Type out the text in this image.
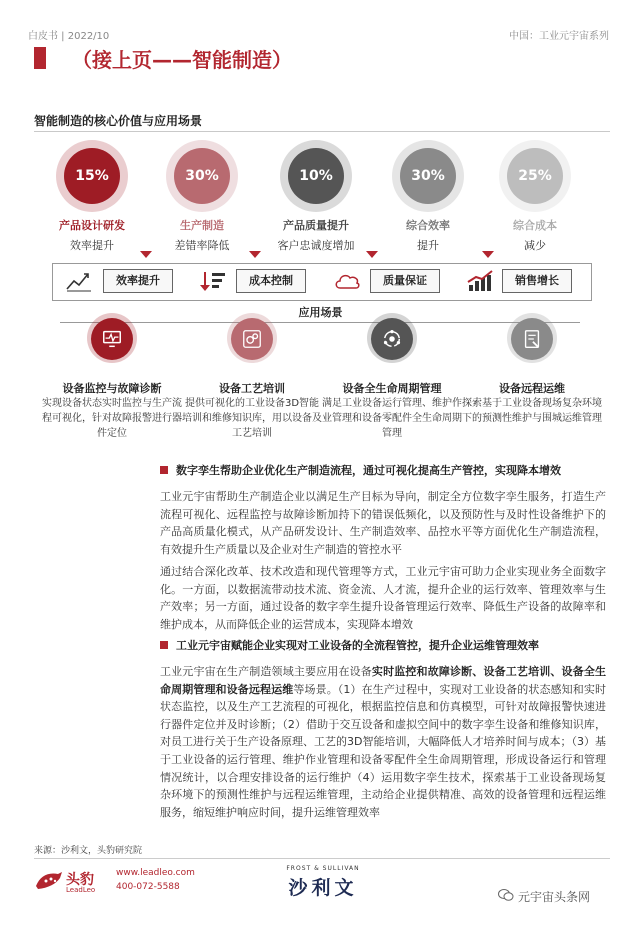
白皮书 | 2022/10	中国：工业元宇宙系列
（接上页——智能制造）
智能制造的核心价值与应用场景
15%
产品设计研发
效率提升
30%
生产制造
差错率降低
10%
产品质量提升
客户忠诚度增加
30%
综合效率
提升
25%
综合成本
减少
效率提升	成本控制	质量保证	销售增长
应用场景
设备监控与故障诊断
实现设备状态实时监控与生产流程可视化，针对故障报警进行器件定位
设备工艺培训
提供可视化的工业设备3D智能培训和维修知识库，用以设备及工艺培训
设备全生命周期管理
满足工业设备运行管理、维护作业管理和设备零配件全生命周期管理
设备远程运维
探索基于工业设备现场复杂环境下的预测性维护与围城运维管理
数字孪生帮助企业优化生产制造流程，通过可视化提高生产管控，实现降本增效
工业元宇宙帮助生产制造企业以满足生产目标为导向，制定全方位数字孪生服务，打造生产流程可视化、远程监控与故障诊断加持下的错误低频化，以及预防性与及时性设备维护下的产品高质量化模式，从产品研发设计、生产制造效率、品控水平等方面优化生产制造流程，有效提升生产质量以及企业对生产制造的管控水平
通过结合深化改革、技术改造和现代管理等方式，工业元宇宙可助力企业实现业务全面数字化。一方面，以数据流带动技术流、资金流、人才流，提升企业的运行效率、管理效率与生产效率；另一方面，通过设备的数字孪生提升设备管理运行效率、降低生产设备的故障率和维护成本，从而降低企业的运营成本，实现降本增效
工业元宇宙赋能企业实现对工业设备的全流程管控，提升企业运维管理效率
工业元宇宙在生产制造领域主要应用在设备实时监控和故障诊断、设备工艺培训、设备全生命周期管理和设备远程运维等场景。（1）在生产过程中，实现对工业设备的状态感知和实时状态监控，以及生产工艺流程的可视化，根据监控信息和仿真模型，可针对故障报警快速进行器件定位并及时诊断；（2）借助于交互设备和虚拟空间中的数字孪生设备和维修知识库，对员工进行关于生产设备原理、工艺的3D智能培训，大幅降低人才培养时间与成本；（3）基于工业设备的运行管理、维护作业管理和设备零配件全生命周期管理，形成设备运行和管理情况统计，以合理安排设备的运行维护（4）运用数字孪生技术，探索基于工业设备现场复杂环境下的预测性维护与远程运维管理，主动给企业提供精准、高效的设备管理和远程运维服务，缩短维护响应时间，提升运维管理效率
来源：沙利文，头豹研究院
头豹
LeadLeo
www.leadleo.com
400-072-5588
FROST & SULLIVAN
沙利文	元宇宙头条网
